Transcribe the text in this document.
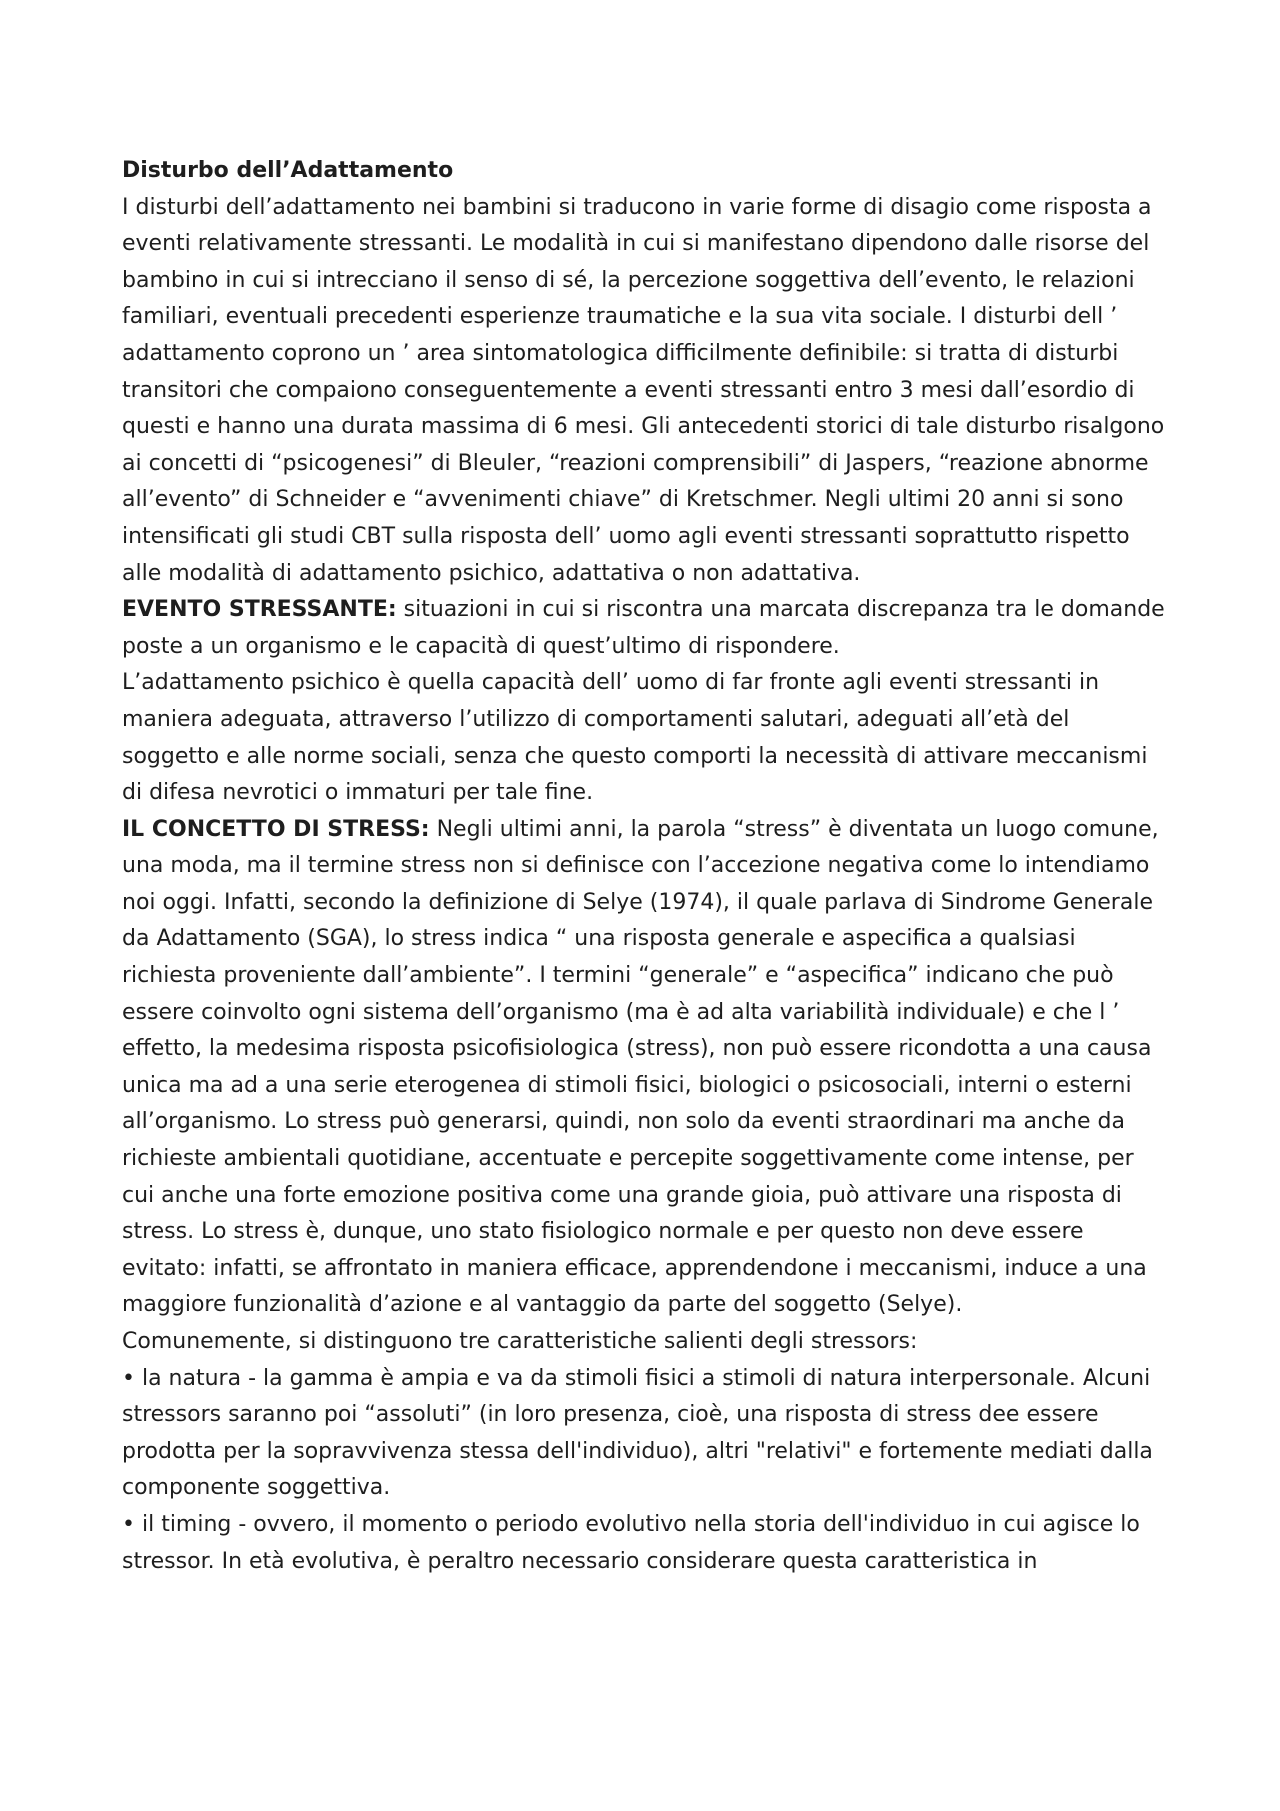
Disturbo dell’Adattamento

I disturbi dell’adattamento nei bambini si traducono in varie forme di disagio come risposta a eventi relativamente stressanti. Le modalità in cui si manifestano dipendono dalle risorse del bambino in cui si intrecciano il senso di sé, la percezione soggettiva dell’evento, le relazioni familiari, eventuali precedenti esperienze traumatiche e la sua vita sociale. I disturbi dell ’ adattamento coprono un ’ area sintomatologica difficilmente definibile: si tratta di disturbi transitori che compaiono conseguentemente a eventi stressanti entro 3 mesi dall’esordio di questi e hanno una durata massima di 6 mesi. Gli antecedenti storici di tale disturbo risalgono ai concetti di “psicogenesi” di Bleuler, “reazioni comprensibili” di Jaspers, “reazione abnorme all’evento” di Schneider e “avvenimenti chiave” di Kretschmer. Negli ultimi 20 anni si sono intensificati gli studi CBT sulla risposta dell’ uomo agli eventi stressanti soprattutto rispetto alle modalità di adattamento psichico, adattativa o non adattativa.

EVENTO STRESSANTE: situazioni in cui si riscontra una marcata discrepanza tra le domande poste a un organismo e le capacità di quest’ultimo di rispondere.

L’adattamento psichico è quella capacità dell’ uomo di far fronte agli eventi stressanti in maniera adeguata, attraverso l’utilizzo di comportamenti salutari, adeguati all’età del soggetto e alle norme sociali, senza che questo comporti la necessità di attivare meccanismi di difesa nevrotici o immaturi per tale fine.

IL CONCETTO DI STRESS: Negli ultimi anni, la parola “stress” è diventata un luogo comune, una moda, ma il termine stress non si definisce con l’accezione negativa come lo intendiamo noi oggi. Infatti, secondo la definizione di Selye (1974), il quale parlava di Sindrome Generale da Adattamento (SGA), lo stress indica “ una risposta generale e aspecifica a qualsiasi richiesta proveniente dall’ambiente”. I termini “generale” e “aspecifica” indicano che può essere coinvolto ogni sistema dell’organismo (ma è ad alta variabilità individuale) e che l ’ effetto, la medesima risposta psicofisiologica (stress), non può essere ricondotta a una causa unica ma ad a una serie eterogenea di stimoli fisici, biologici o psicosociali, interni o esterni all’organismo. Lo stress può generarsi, quindi, non solo da eventi straordinari ma anche da richieste ambientali quotidiane, accentuate e percepite soggettivamente come intense, per cui anche una forte emozione positiva come una grande gioia, può attivare una risposta di stress. Lo stress è, dunque, uno stato fisiologico normale e per questo non deve essere evitato: infatti, se affrontato in maniera efficace, apprendendone i meccanismi, induce a una maggiore funzionalità d’azione e al vantaggio da parte del soggetto (Selye).

Comunemente, si distinguono tre caratteristiche salienti degli stressors:

• la natura - la gamma è ampia e va da stimoli fisici a stimoli di natura interpersonale. Alcuni stressors saranno poi “assoluti” (in loro presenza, cioè, una risposta di stress dee essere prodotta per la sopravvivenza stessa dell'individuo), altri "relativi" e fortemente mediati dalla componente soggettiva.

• il timing - ovvero, il momento o periodo evolutivo nella storia dell'individuo in cui agisce lo stressor. In età evolutiva, è peraltro necessario considerare questa caratteristica in
